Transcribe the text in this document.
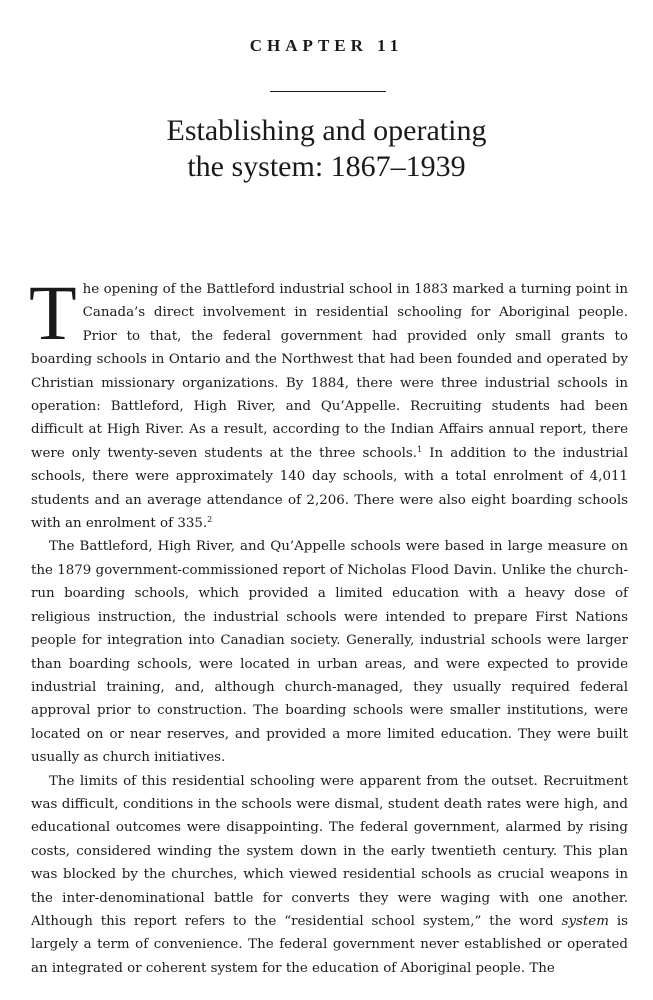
CHAPTER 11
Establishing and operating
the system: 1867–1939

The opening of the Battleford industrial school in 1883 marked a turning point in Canada’s direct involvement in residential schooling for Aboriginal people. Prior to that, the federal government had provided only small grants to boarding schools in Ontario and the Northwest that had been founded and operated by Christian missionary organizations. By 1884, there were three industrial schools in operation: Battleford, High River, and Qu’Appelle. Recruiting students had been difficult at High River. As a result, according to the Indian Affairs annual report, there were only twenty-seven students at the three schools.$^1$ In addition to the industrial schools, there were approximately 140 day schools, with a total enrolment of 4,011 students and an average attendance of 2,206. There were also eight boarding schools with an enrolment of 335.$^2$

The Battleford, High River, and Qu’Appelle schools were based in large measure on the 1879 government-commissioned report of Nicholas Flood Davin. Unlike the church-run boarding schools, which provided a limited education with a heavy dose of religious instruction, the industrial schools were intended to prepare First Nations people for integration into Canadian society. Generally, industrial schools were larger than boarding schools, were located in urban areas, and were expected to provide industrial training, and, although church-managed, they usually required federal approval prior to construction. The boarding schools were smaller institutions, were located on or near reserves, and provided a more limited education. They were built usually as church initiatives.

The limits of this residential schooling were apparent from the outset. Recruitment was difficult, conditions in the schools were dismal, student death rates were high, and educational outcomes were disappointing. The federal government, alarmed by rising costs, considered winding the system down in the early twentieth century. This plan was blocked by the churches, which viewed residential schools as crucial weapons in the inter-denominational battle for converts they were waging with one another. Although this report refers to the “residential school system,” the word system is largely a term of convenience. The federal government never established or operated an integrated or coherent system for the education of Aboriginal people. The
